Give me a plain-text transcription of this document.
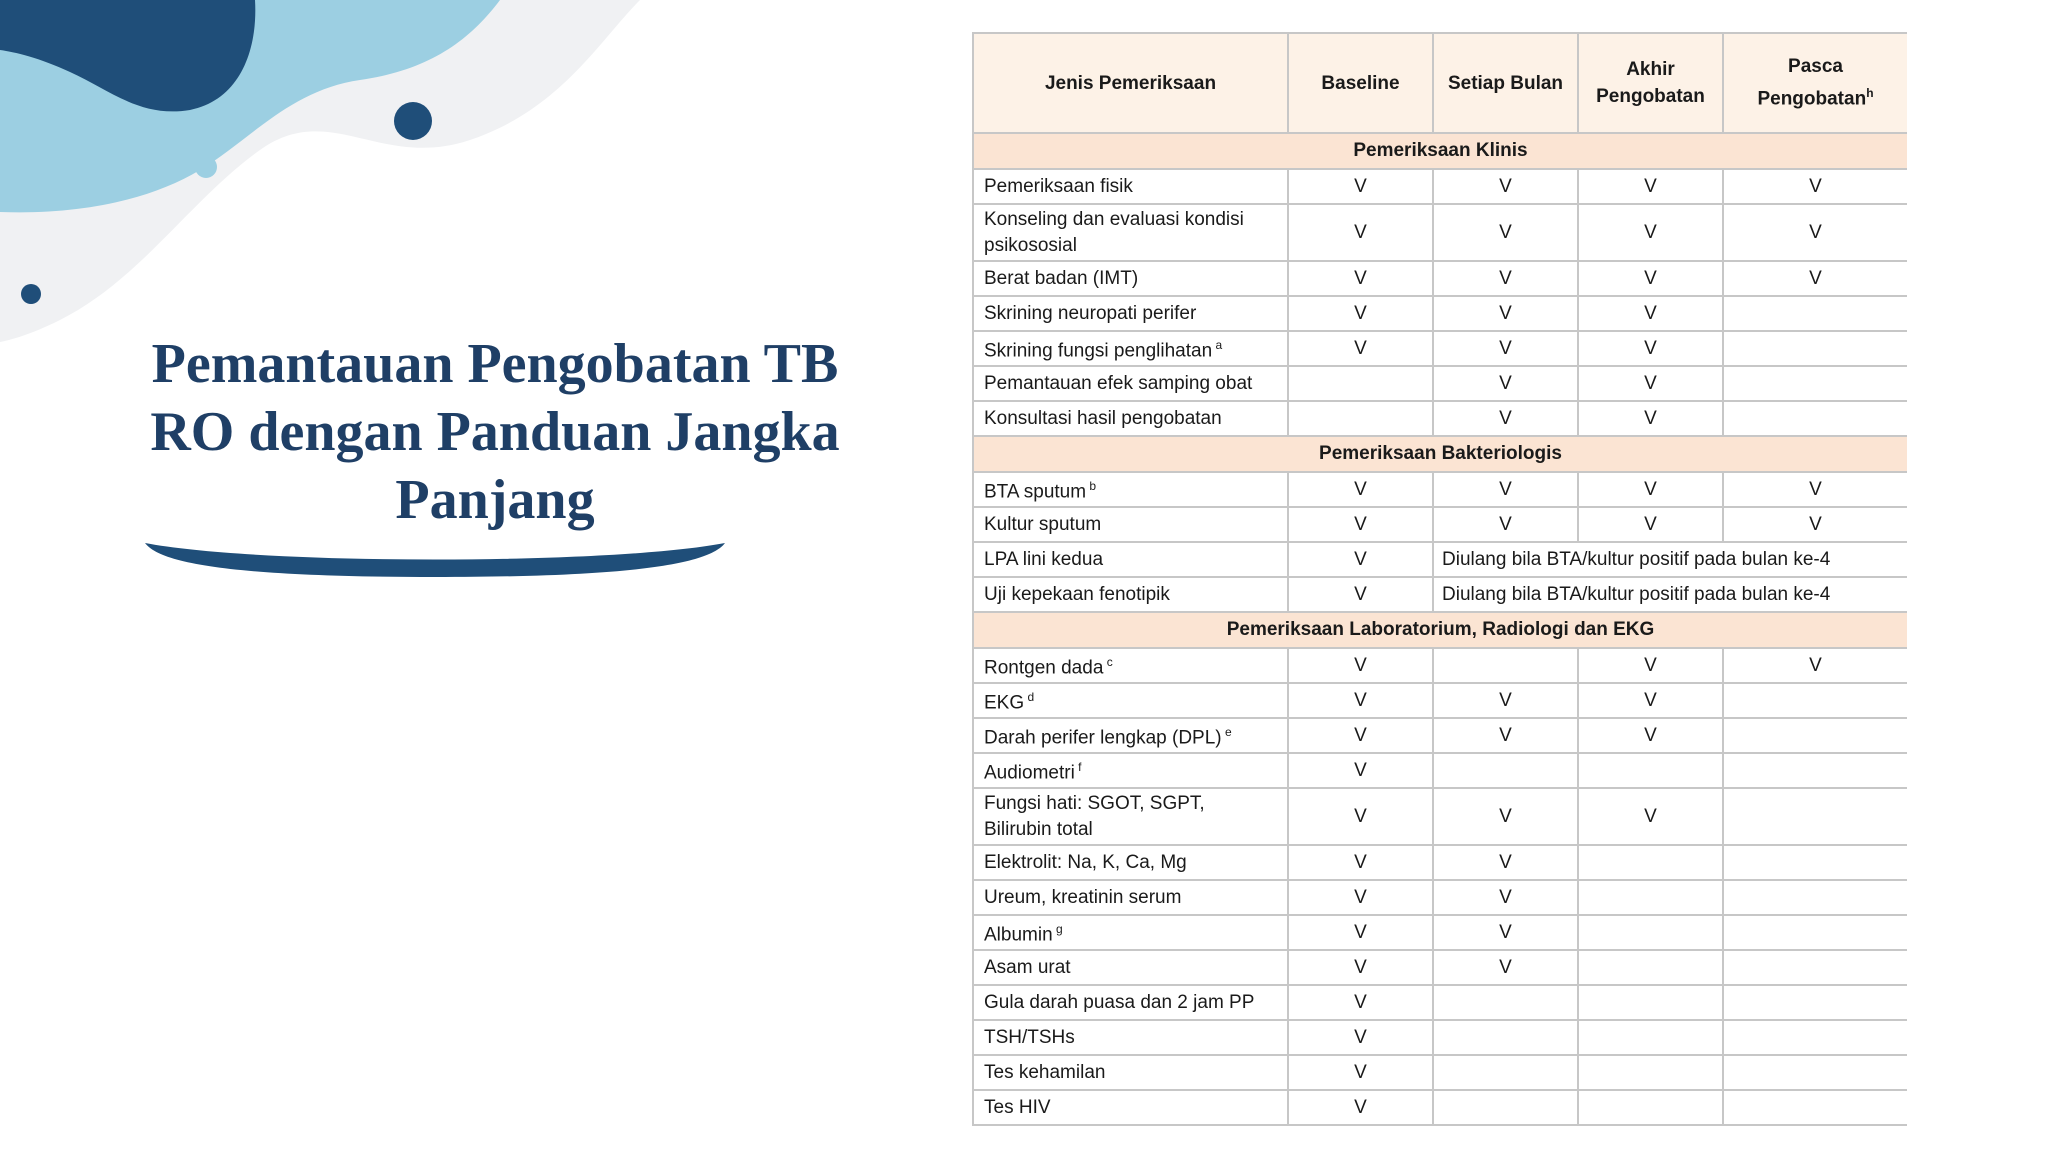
Pemantauan Pengobatan TB RO dengan Panduan Jangka Panjang
Jenis Pemeriksaan	Baseline	Setiap Bulan	Akhir Pengobatan	Pasca Pengobatan$^h$
Pemeriksaan Klinis				
Pemeriksaan fisik	V	V	V	V
Konseling dan evaluasi kondisi psikososial	V	V	V	V
Berat badan (IMT)	V	V	V	V
Skrining neuropati perifer	V	V	V	
Skrining fungsi penglihatan $^a$	V	V	V	
Pemantauan efek samping obat		V	V	
Konsultasi hasil pengobatan		V	V	
Pemeriksaan Bakteriologis				
BTA sputum $^b$	V	V	V	V
Kultur sputum	V	V	V	V
LPA lini kedua	V	Diulang bila BTA/kultur positif pada bulan ke-4		
Uji kepekaan fenotipik	V	Diulang bila BTA/kultur positif pada bulan ke-4		
Pemeriksaan Laboratorium, Radiologi dan EKG				
Rontgen dada $^c$	V		V	V
EKG $^d$	V	V	V	
Darah perifer lengkap (DPL) $^e$	V	V	V	
Audiometri $^f$	V			
Fungsi hati: SGOT, SGPT, Bilirubin total	V	V	V	
Elektrolit: Na, K, Ca, Mg	V	V		
Ureum, kreatinin serum	V	V		
Albumin $^g$	V	V		
Asam urat	V	V		
Gula darah puasa dan 2 jam PP	V			
TSH/TSHs	V			
Tes kehamilan	V			
Tes HIV	V			
